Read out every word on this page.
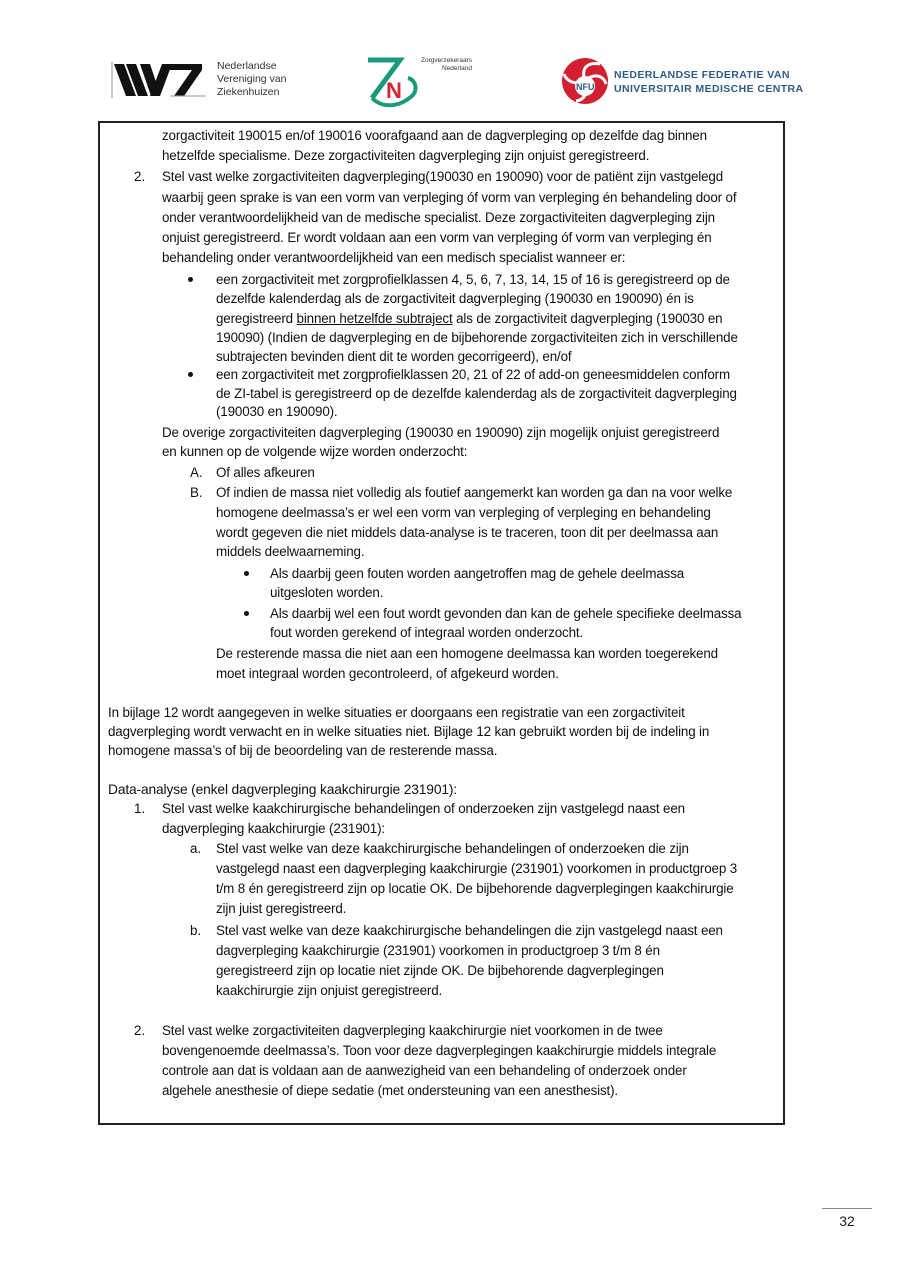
Nederlandse
Vereniging van
Ziekenhuizen	N
Zorgverzekeraars
Nederland
NFU
NEDERLANDSE FEDERATIE VAN
UNIVERSITAIR MEDISCHE CENTRA
zorgactiviteit 190015 en/of 190016 voorafgaand aan de dagverpleging op dezelfde dag binnen
hetzelfde specialisme. Deze zorgactiviteiten dagverpleging zijn onjuist geregistreerd.
2. Stel vast welke zorgactiviteiten dagverpleging(190030 en 190090) voor de patiënt zijn vastgelegd
waarbij geen sprake is van een vorm van verpleging óf vorm van verpleging én behandeling door of
onder verantwoordelijkheid van de medische specialist. Deze zorgactiviteiten dagverpleging zijn
onjuist geregistreerd. Er wordt voldaan aan een vorm van verpleging óf vorm van verpleging én
behandeling onder verantwoordelijkheid van een medisch specialist wanneer er:
een zorgactiviteit met zorgprofielklassen 4, 5, 6, 7, 13, 14, 15 of 16 is geregistreerd op de
dezelfde kalenderdag als de zorgactiviteit dagverpleging (190030 en 190090) én is
geregistreerd binnen hetzelfde subtraject als de zorgactiviteit dagverpleging (190030 en
190090) (Indien de dagverpleging en de bijbehorende zorgactiviteiten zich in verschillende
subtrajecten bevinden dient dit te worden gecorrigeerd), en/of
een zorgactiviteit met zorgprofielklassen 20, 21 of 22 of add-on geneesmiddelen conform
de ZI-tabel is geregistreerd op de dezelfde kalenderdag als de zorgactiviteit dagverpleging
(190030 en 190090).
De overige zorgactiviteiten dagverpleging (190030 en 190090) zijn mogelijk onjuist geregistreerd
en kunnen op de volgende wijze worden onderzocht:
A. Of alles afkeuren
B. Of indien de massa niet volledig als foutief aangemerkt kan worden ga dan na voor welke
homogene deelmassa’s er wel een vorm van verpleging of verpleging en behandeling
wordt gegeven die niet middels data-analyse is te traceren, toon dit per deelmassa aan
middels deelwaarneming.
Als daarbij geen fouten worden aangetroffen mag de gehele deelmassa
uitgesloten worden.
Als daarbij wel een fout wordt gevonden dan kan de gehele specifieke deelmassa
fout worden gerekend of integraal worden onderzocht.
De resterende massa die niet aan een homogene deelmassa kan worden toegerekend
moet integraal worden gecontroleerd, of afgekeurd worden.
In bijlage 12 wordt aangegeven in welke situaties er doorgaans een registratie van een zorgactiviteit
dagverpleging wordt verwacht en in welke situaties niet. Bijlage 12 kan gebruikt worden bij de indeling in
homogene massa’s of bij de beoordeling van de resterende massa.
Data-analyse (enkel dagverpleging kaakchirurgie 231901):
1. Stel vast welke kaakchirurgische behandelingen of onderzoeken zijn vastgelegd naast een
dagverpleging kaakchirurgie (231901):
a. Stel vast welke van deze kaakchirurgische behandelingen of onderzoeken die zijn
vastgelegd naast een dagverpleging kaakchirurgie (231901) voorkomen in productgroep 3
t/m 8 én geregistreerd zijn op locatie OK. De bijbehorende dagverplegingen kaakchirurgie
zijn juist geregistreerd.
b. Stel vast welke van deze kaakchirurgische behandelingen die zijn vastgelegd naast een
dagverpleging kaakchirurgie (231901) voorkomen in productgroep 3 t/m 8 én
geregistreerd zijn op locatie niet zijnde OK. De bijbehorende dagverplegingen
kaakchirurgie zijn onjuist geregistreerd.
2. Stel vast welke zorgactiviteiten dagverpleging kaakchirurgie niet voorkomen in de twee
bovengenoemde deelmassa’s. Toon voor deze dagverplegingen kaakchirurgie middels integrale
controle aan dat is voldaan aan de aanwezigheid van een behandeling of onderzoek onder
algehele anesthesie of diepe sedatie (met ondersteuning van een anesthesist).
32
